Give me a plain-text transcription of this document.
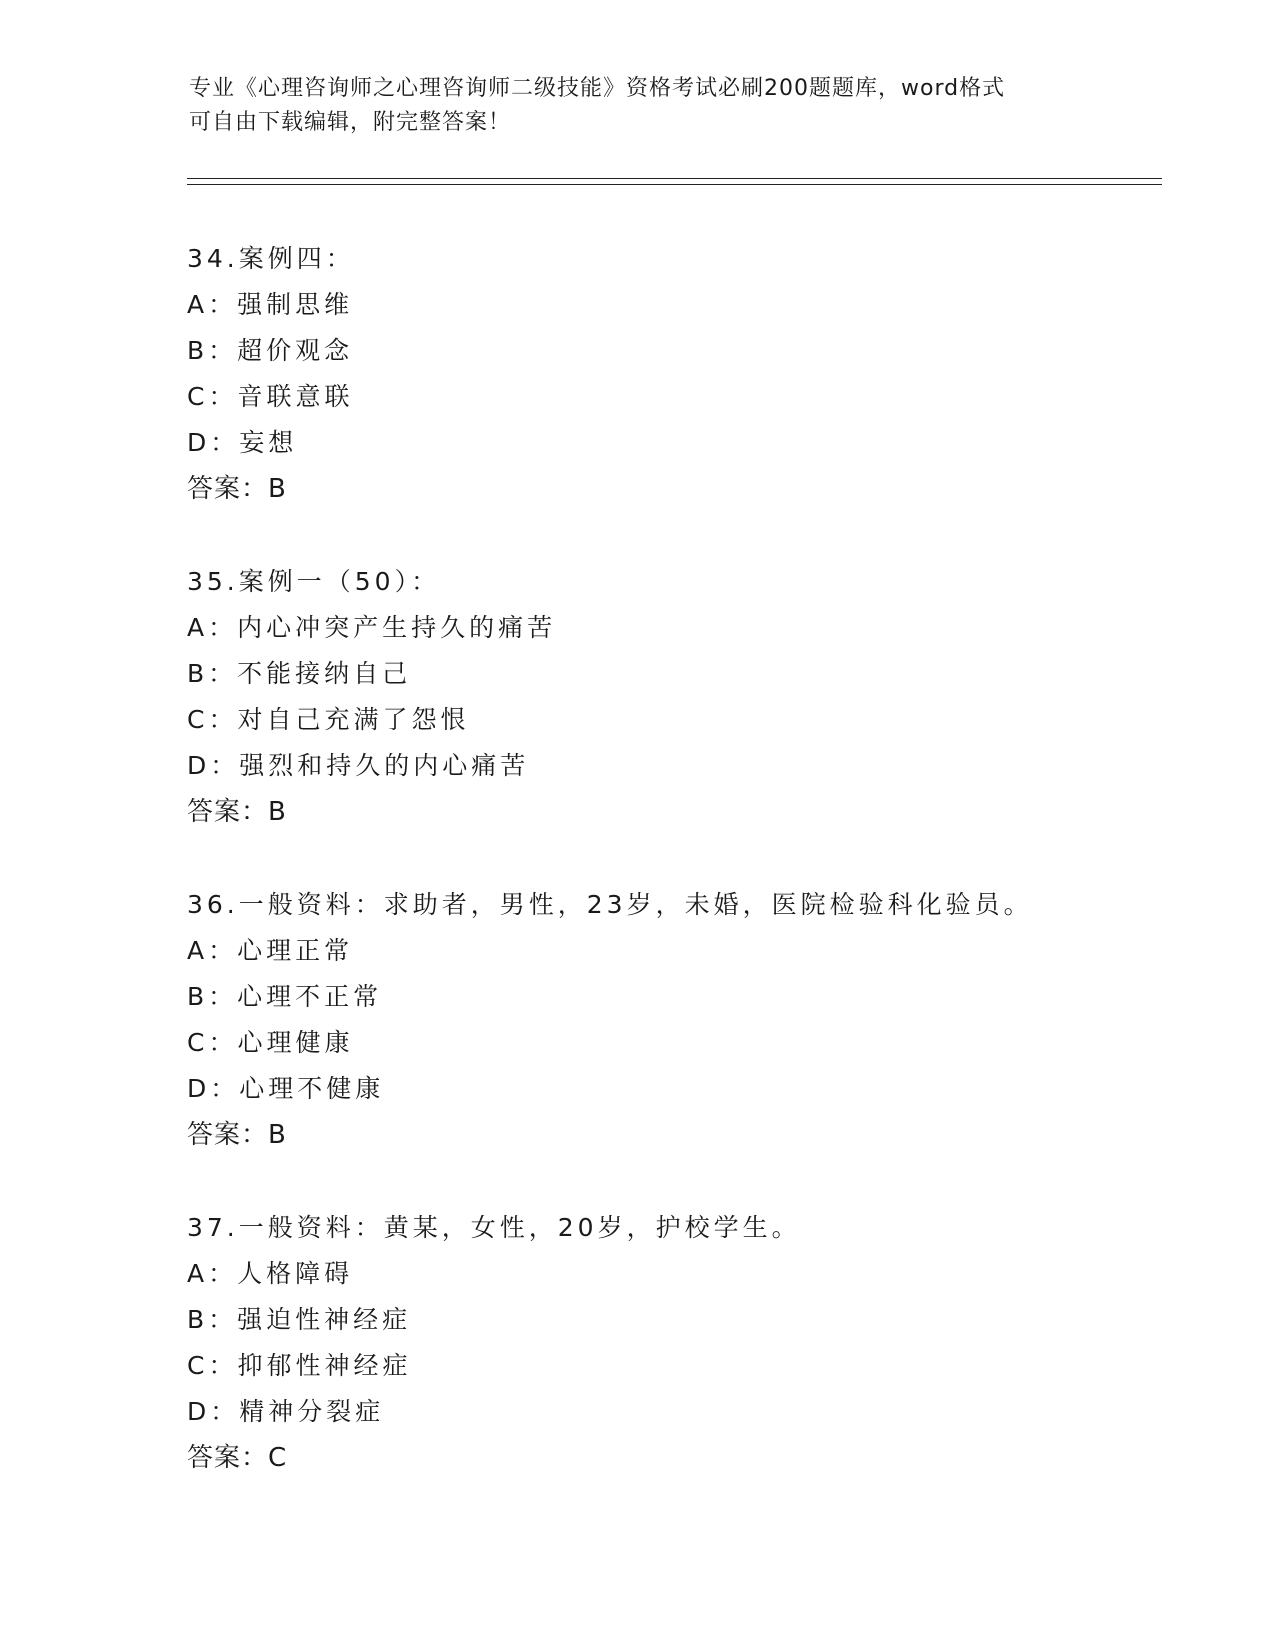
专业《心理咨询师之心理咨询师二级技能》资格考试必刷200题题库，word格式
可自由下载编辑，附完整答案！
34.案例四：
A：强制思维
B：超价观念
C：音联意联
D：妄想
答案：B
35.案例一（50）：
A：内心冲突产生持久的痛苦
B：不能接纳自己
C：对自己充满了怨恨
D：强烈和持久的内心痛苦
答案：B
36.一般资料：求助者，男性，23岁，未婚，医院检验科化验员。
A：心理正常
B：心理不正常
C：心理健康
D：心理不健康
答案：B
37.一般资料：黄某，女性，20岁，护校学生。
A：人格障碍
B：强迫性神经症
C：抑郁性神经症
D：精神分裂症
答案：C
